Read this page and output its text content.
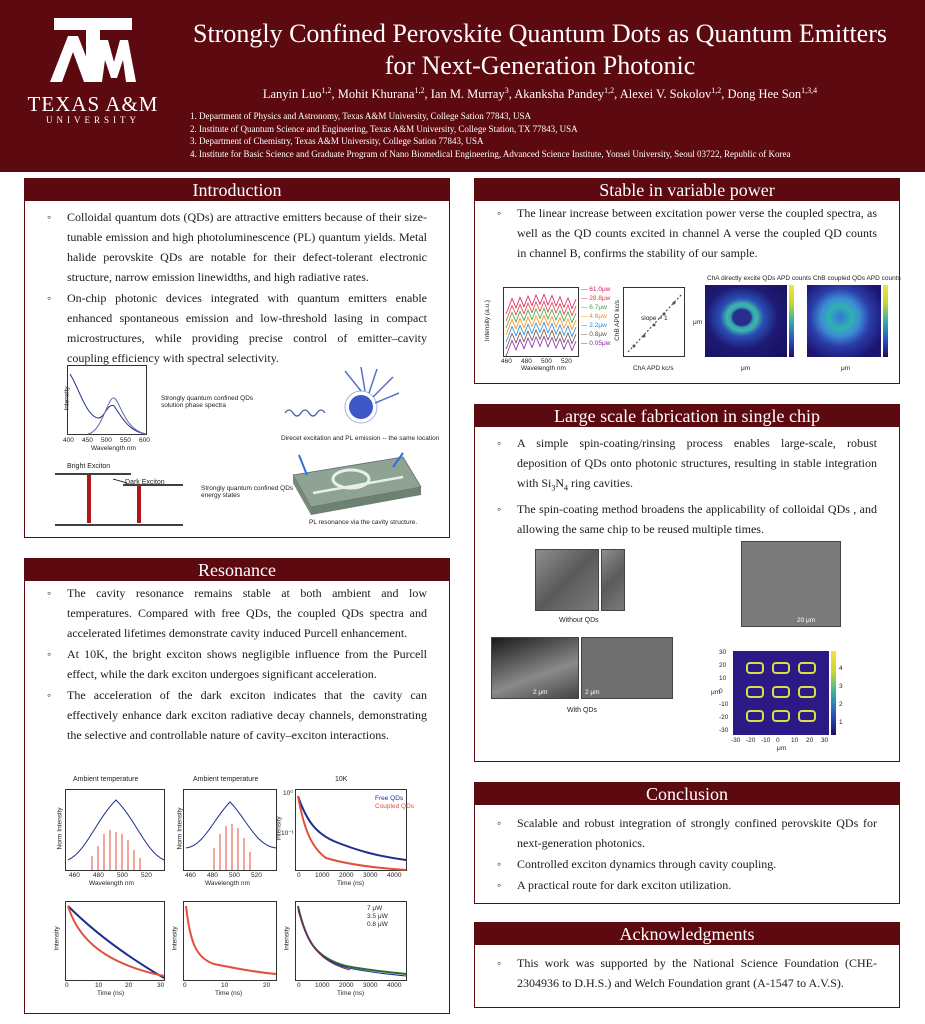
TEXAS A&M
UNIVERSITY
Strongly Confined Perovskite Quantum Dots as Quantum Emitters
for Next-Generation Photonic
Lanyin Luo$^{1,2}$, Mohit Khurana$^{1,2}$, Ian M. Murray$^3$, Akanksha Pandey$^{1,2}$, Alexei V. Sokolov$^{1,2}$, Dong Hee Son$^{1,3,4}$
1. Department of Physics and Astronomy, Texas A&M University, College Sation 77843, USA
2. Institute of Quantum Science and Engineering, Texas A&M University, College Station, TX 77843, USA
3. Department of Chemistry, Texas A&M University, College Sation 77843, USA
4. Institute for Basic Science and Graduate Program of Nano Biomedical Engineering, Advanced Science Institute, Yonsei University, Seoul 03722, Republic of Korea
Introduction
◦ Colloidal quantum dots (QDs) are attractive emitters because of their size-tunable emission and high photoluminescence (PL) quantum yields. Metal halide perovskite QDs are notable for their defect-tolerant electronic structure, narrow emission linewidths, and high radiative rates.
◦ On-chip photonic devices integrated with quantum emitters enable enhanced spontaneous emission and low-threshold lasing in compact microstructures, while providing precise control of emitter–cavity coupling efficiency with spectral selectivity.
Intensity
400 450 500 550 600
Wavelength nm
Strongly quantum confined QDs
solution phase spectra
Bright Exciton
Dark Exciton
Strongly quantum confined QDs
energy states
Direcet excitation and PL emission -- the same location
PL resonance via the cavity structure.
Resonance
◦ The cavity resonance remains stable at both ambient and low temperatures. Compared with free QDs, the coupled QDs spectra and accelerated lifetimes demonstrate cavity induced Purcell enhancement.
◦ At 10K, the bright exciton shows negligible influence from the Purcell effect, while the dark exciton undergoes significant acceleration.
◦ The acceleration of the dark exciton indicates that the cavity can effectively enhance dark exciton radiative decay channels, demonstrating the selective and controllable nature of cavity–exciton interactions.
Ambient temperature	Ambient temperature	10K
Norm Intensity
460 480 500 520
Wavelength nm
Norm Intensity
460 480 500 520
Wavelength nm
Free QDs
Coupled QDs
10⁰
10⁻¹
Intensity
0 1000 2000 3000 4000
Time (ns)
Intensity
0	10	20	30
Time (ns)
Intensity
0	10	20
Time (ns)
7 μW
3.5 μW
0.8 μW
Intensity
0 1000 2000 3000 4000
Time (ns)
Stable in variable power
◦ The linear increase between excitation power verse the coupled spectra, as well as the QD counts excited in channel A verse the coupled QD counts in channel B, confirms the stability of our sample.
— 61.0μw
— 28.8μw
— 6.7μw
— 4.8μw
— 2.2μw
— 0.8μw
— 0.05μw
Intensity (a.u.)
460 480 500 520
Wavelength nm
slope = 1
ChB APD kc/s
ChA APD kc/s
ChA directly excite QDs APD counts
μm
μm
ChB coupled QDs APD counts
μm
Large scale fabrication in single chip
◦ A simple spin-coating/rinsing process enables large-scale, robust deposition of QDs onto photonic structures, resulting in stable integration with $Si_3N_4$ ring cavities.
◦ The spin-coating method broadens the applicability of colloidal QDs , and allowing the same chip to be reused multiple times.
Without QDs	20 μm
2 μm	2 μm
With QDs
4
3
2
1
-30 -20 -10 0 10 20 30
30
20
10
0
-10
-20
-30
μm
μm
Conclusion
◦ Scalable and robust integration of strongly confined perovskite QDs for next-generation photonics.
◦ Controlled exciton dynamics through cavity coupling.
◦ A practical route for dark exciton utilization.
Acknowledgments
◦ This work was supported by the National Science Foundation (CHE-2304936 to D.H.S.) and Welch Foundation grant (A-1547 to A.V.S).
